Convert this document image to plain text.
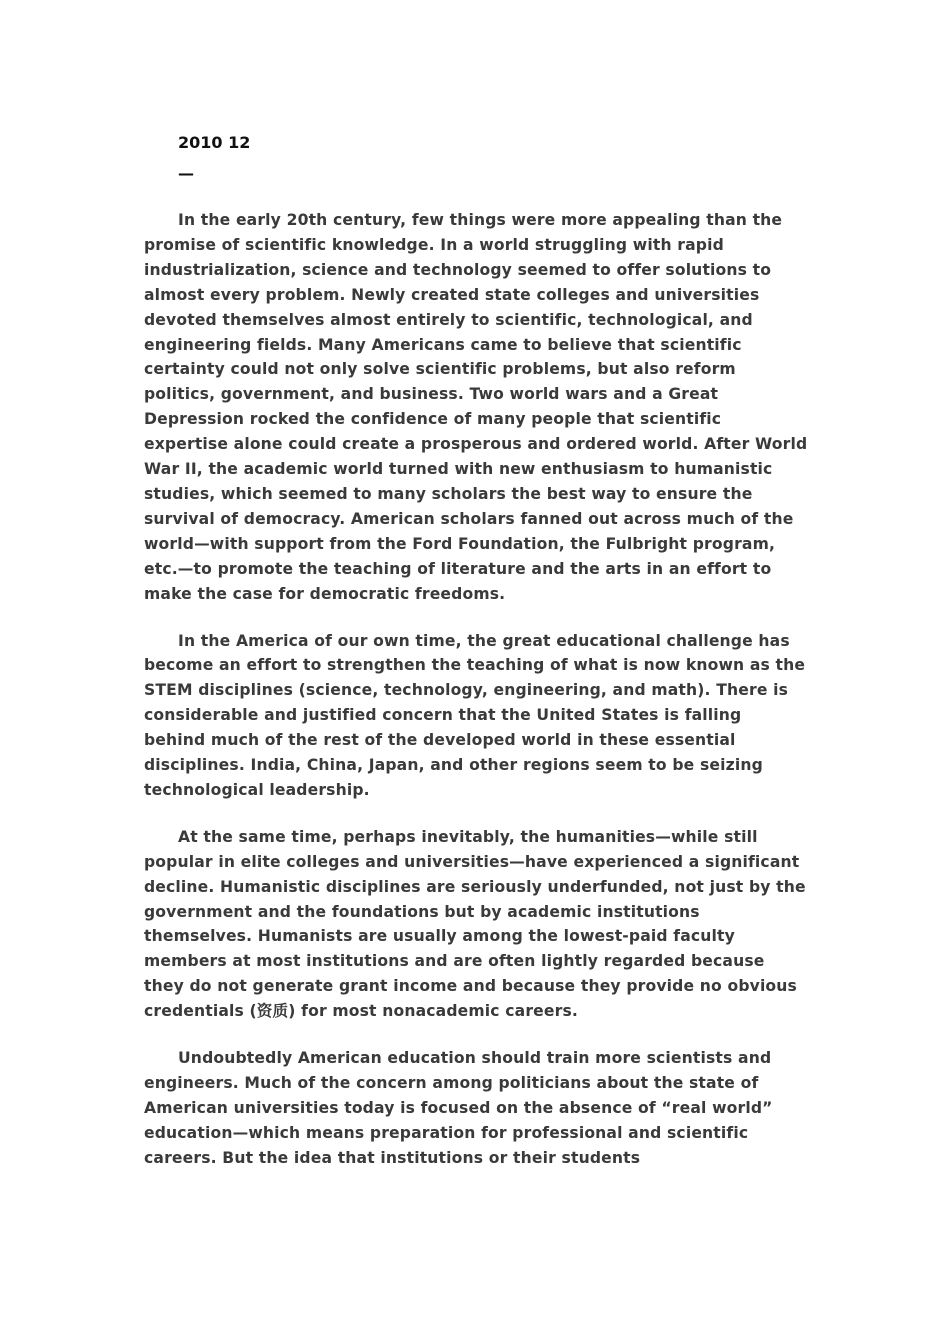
2010 12
—

In the early 20th century, few things were more appealing than the promise of scientific knowledge. In a world struggling with rapid industrialization, science and technology seemed to offer solutions to almost every problem. Newly created state colleges and universities devoted themselves almost entirely to scientific, technological, and engineering fields. Many Americans came to believe that scientific certainty could not only solve scientific problems, but also reform politics, government, and business. Two world wars and a Great Depression rocked the confidence of many people that scientific expertise alone could create a prosperous and ordered world. After World War II, the academic world turned with new enthusiasm to humanistic studies, which seemed to many scholars the best way to ensure the survival of democracy. American scholars fanned out across much of the world—with support from the Ford Foundation, the Fulbright program, etc.—to promote the teaching of literature and the arts in an effort to make the case for democratic freedoms.

In the America of our own time, the great educational challenge has become an effort to strengthen the teaching of what is now known as the STEM disciplines (science, technology, engineering, and math). There is considerable and justified concern that the United States is falling behind much of the rest of the developed world in these essential disciplines. India, China, Japan, and other regions seem to be seizing technological leadership.

At the same time, perhaps inevitably, the humanities—while still popular in elite colleges and universities—have experienced a significant decline. Humanistic disciplines are seriously underfunded, not just by the government and the foundations but by academic institutions themselves. Humanists are usually among the lowest-paid faculty members at most institutions and are often lightly regarded because they do not generate grant income and because they provide no obvious credentials (资质) for most nonacademic careers.

Undoubtedly American education should train more scientists and engineers. Much of the concern among politicians about the state of American universities today is focused on the absence of “real world” education—which means preparation for professional and scientific careers. But the idea that institutions or their students
